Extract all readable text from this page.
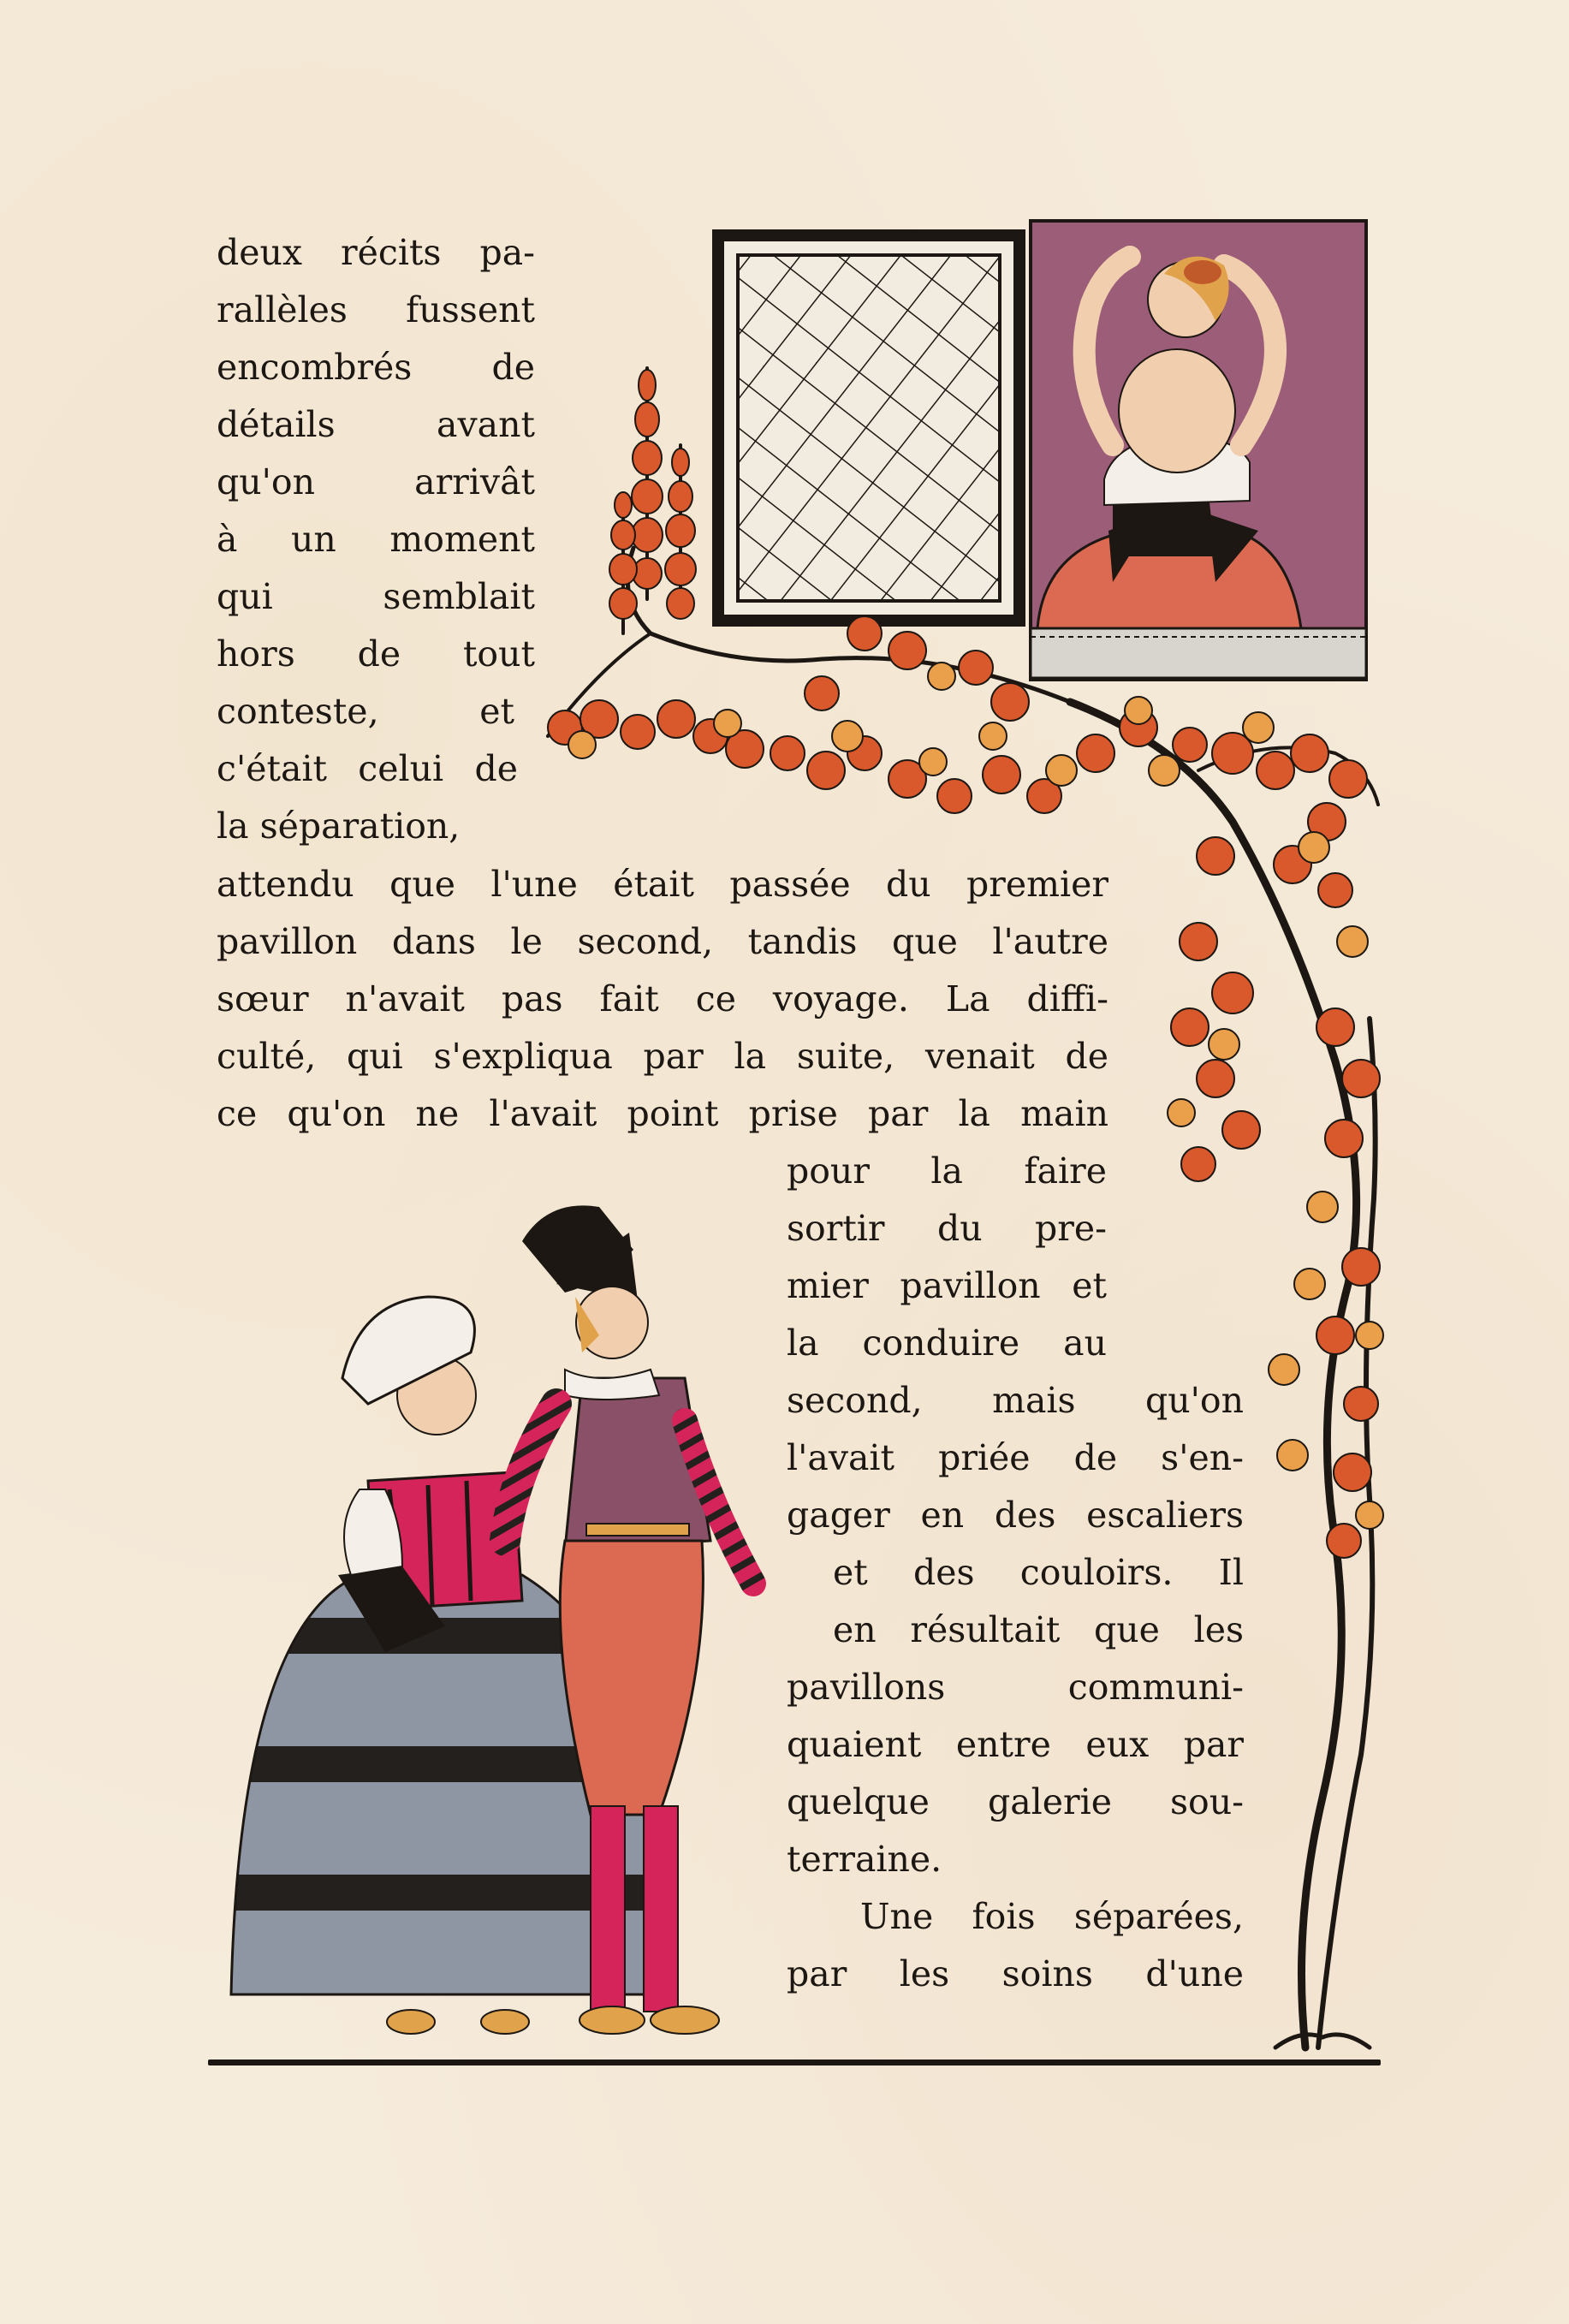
deux récits pa-

rallèles fussent

encombrés de

détails avant

qu'on arrivât

à un moment

qui semblait

hors de tout

conteste, et

c'était celui de

la séparation,

attendu que l'une était passée du premier

pavillon dans le second, tandis que l'autre

sœur n'avait pas fait ce voyage. La diffi-

culté, qui s'expliqua par la suite, venait de

ce qu'on ne l'avait point prise par la main

pour la faire

sortir du pre-

mier pavillon et

la conduire au

second, mais qu'on

l'avait priée de s'en-

gager en des escaliers

et des couloirs. Il

en résultait que les

pavillons communi-

quaient entre eux par

quelque galerie sou-

terraine.

Une fois séparées,

par les soins d'une
